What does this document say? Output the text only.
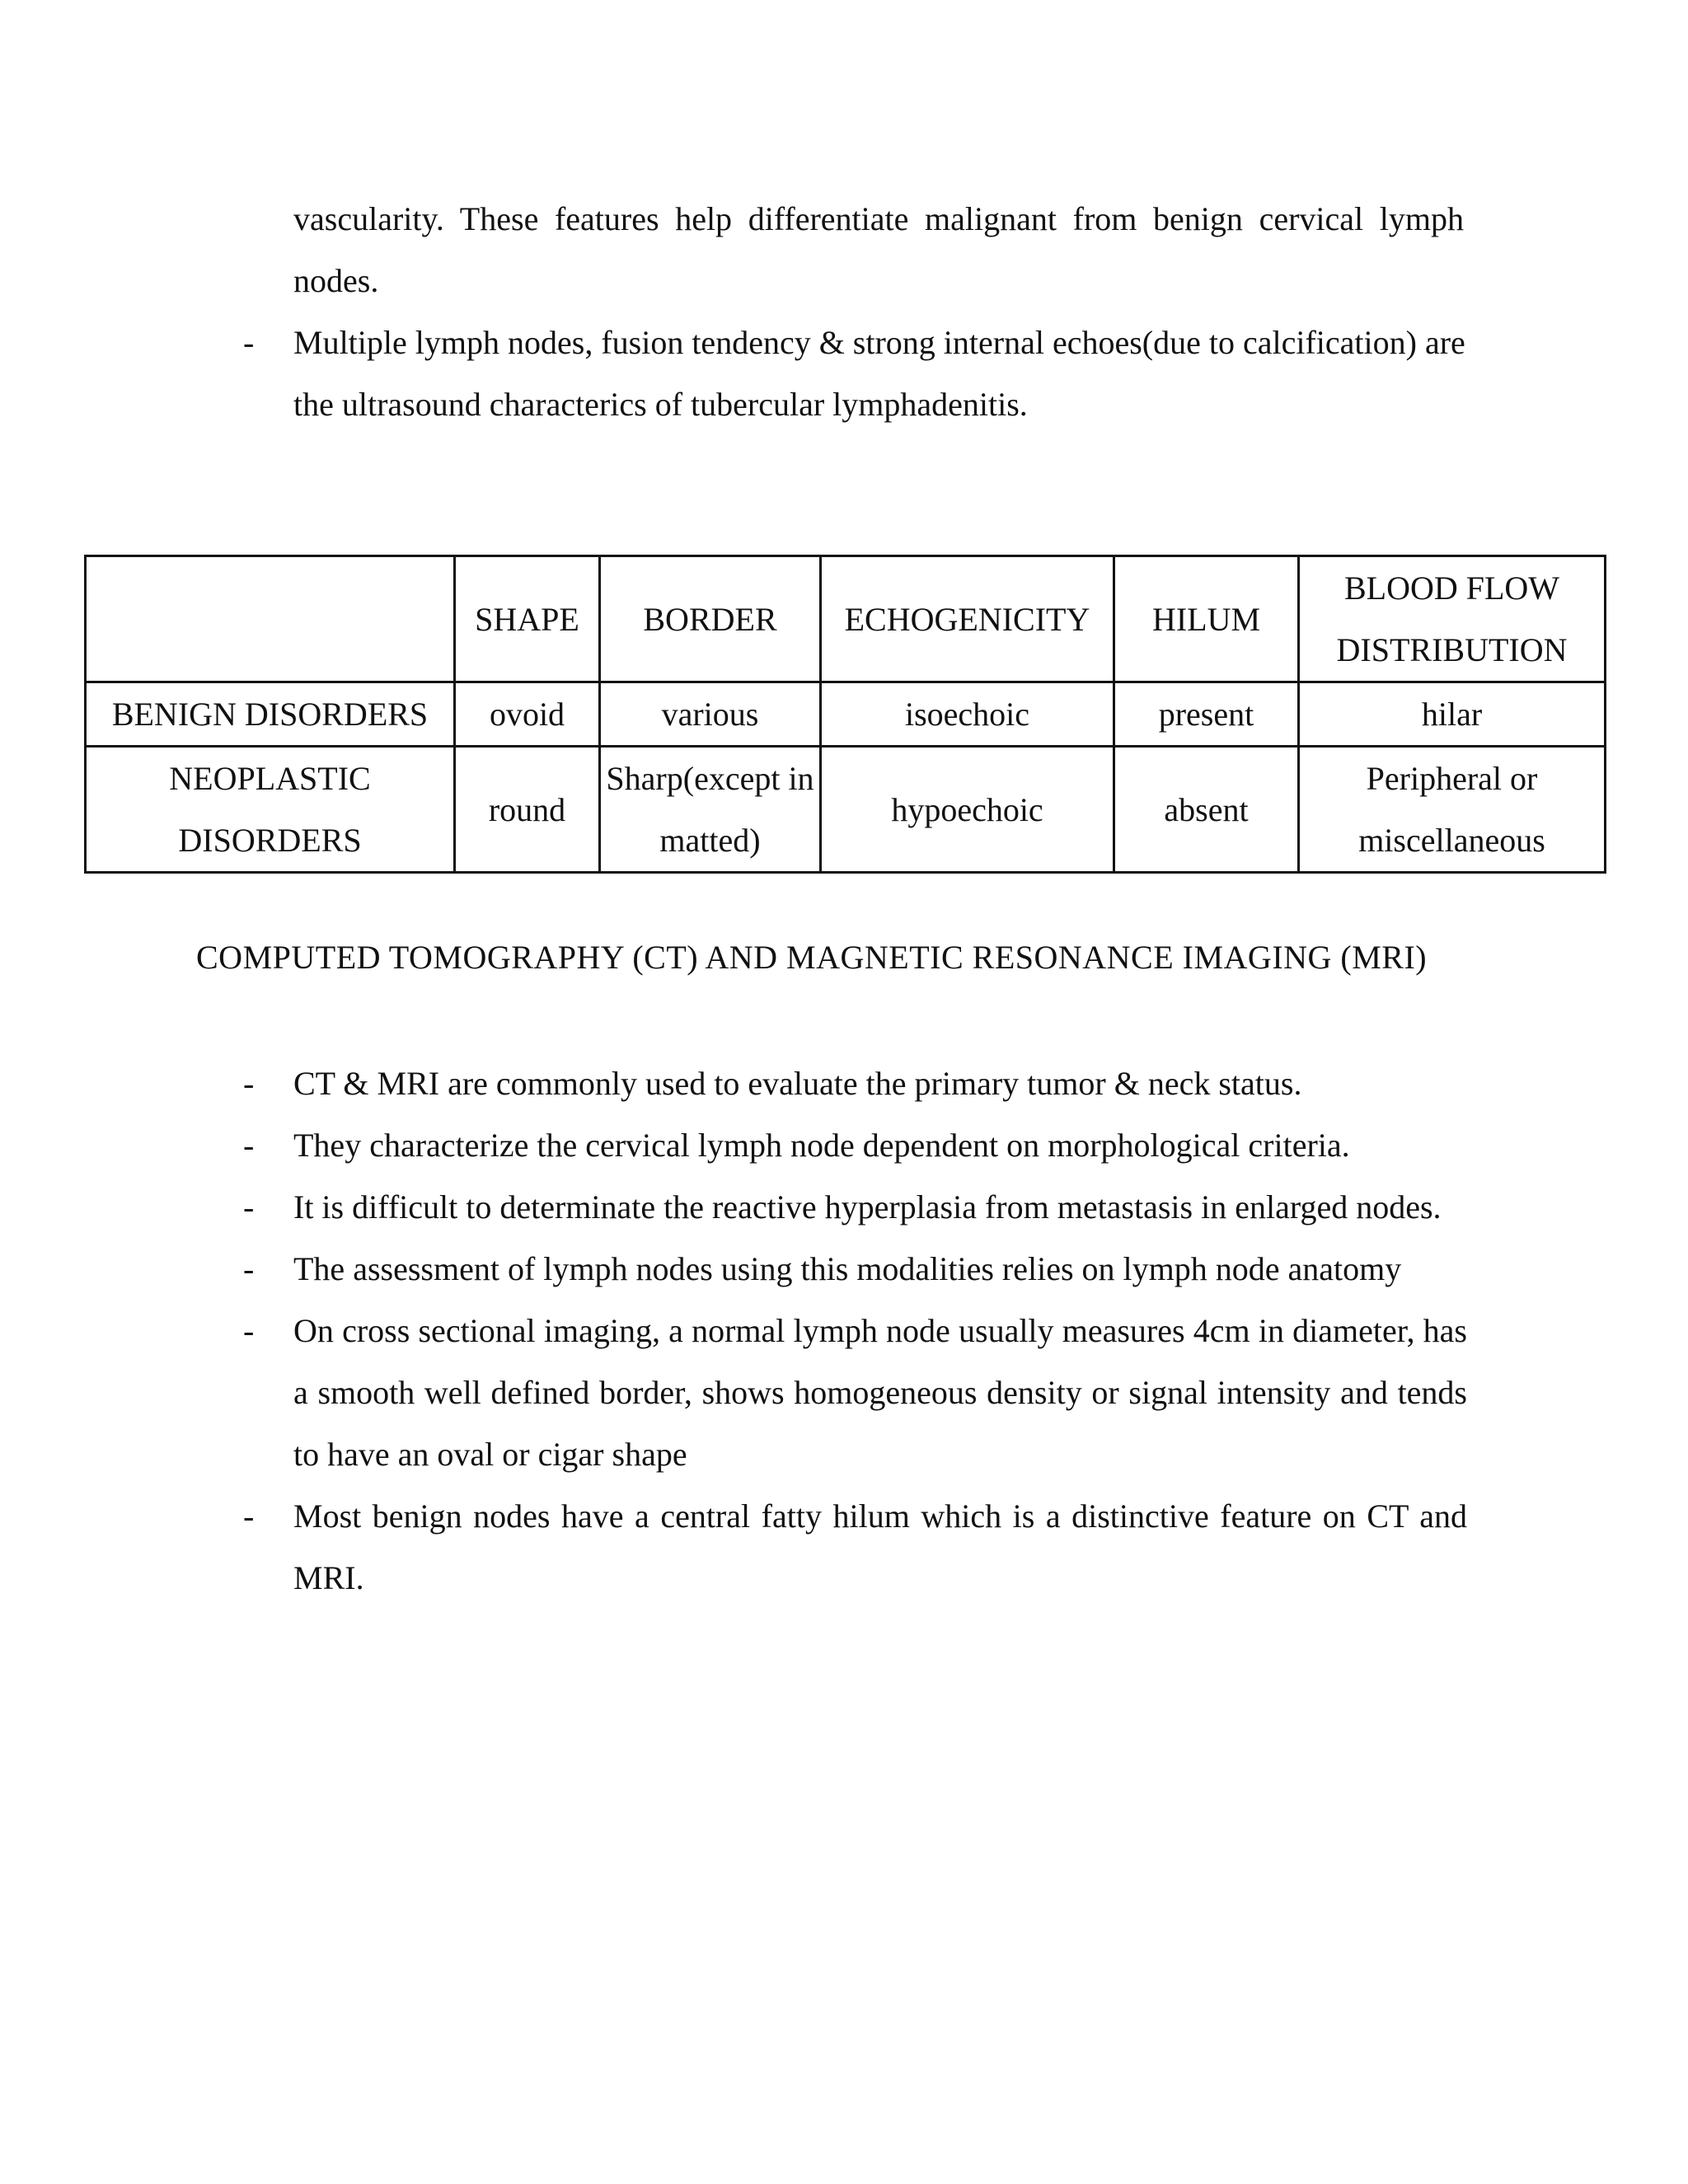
vascularity. These features help differentiate malignant from benign cervical lymph nodes.
- Multiple lymph nodes, fusion tendency & strong internal echoes(due to calcification) are the ultrasound characterics of tubercular lymphadenitis.
	SHAPE	BORDER	ECHOGENICITY	HILUM	BLOOD FLOW DISTRIBUTION
BENIGN DISORDERS	ovoid	various	isoechoic	present	hilar
NEOPLASTIC DISORDERS	round	Sharp(except in matted)	hypoechoic	absent	Peripheral or miscellaneous
COMPUTED TOMOGRAPHY (CT) AND MAGNETIC RESONANCE IMAGING (MRI)
- CT & MRI are commonly used to evaluate the primary tumor & neck status.
- They characterize the cervical lymph node dependent on morphological criteria.
- It is difficult to determinate the reactive hyperplasia from metastasis in enlarged nodes.
- The assessment of lymph nodes using this modalities relies on lymph node anatomy
- On cross sectional imaging, a normal lymph node usually measures 4cm in diameter, has a smooth well defined border, shows homogeneous density or signal intensity and tends to have an oval or cigar shape
- Most benign nodes have a central fatty hilum which is a distinctive feature on CT and MRI.
